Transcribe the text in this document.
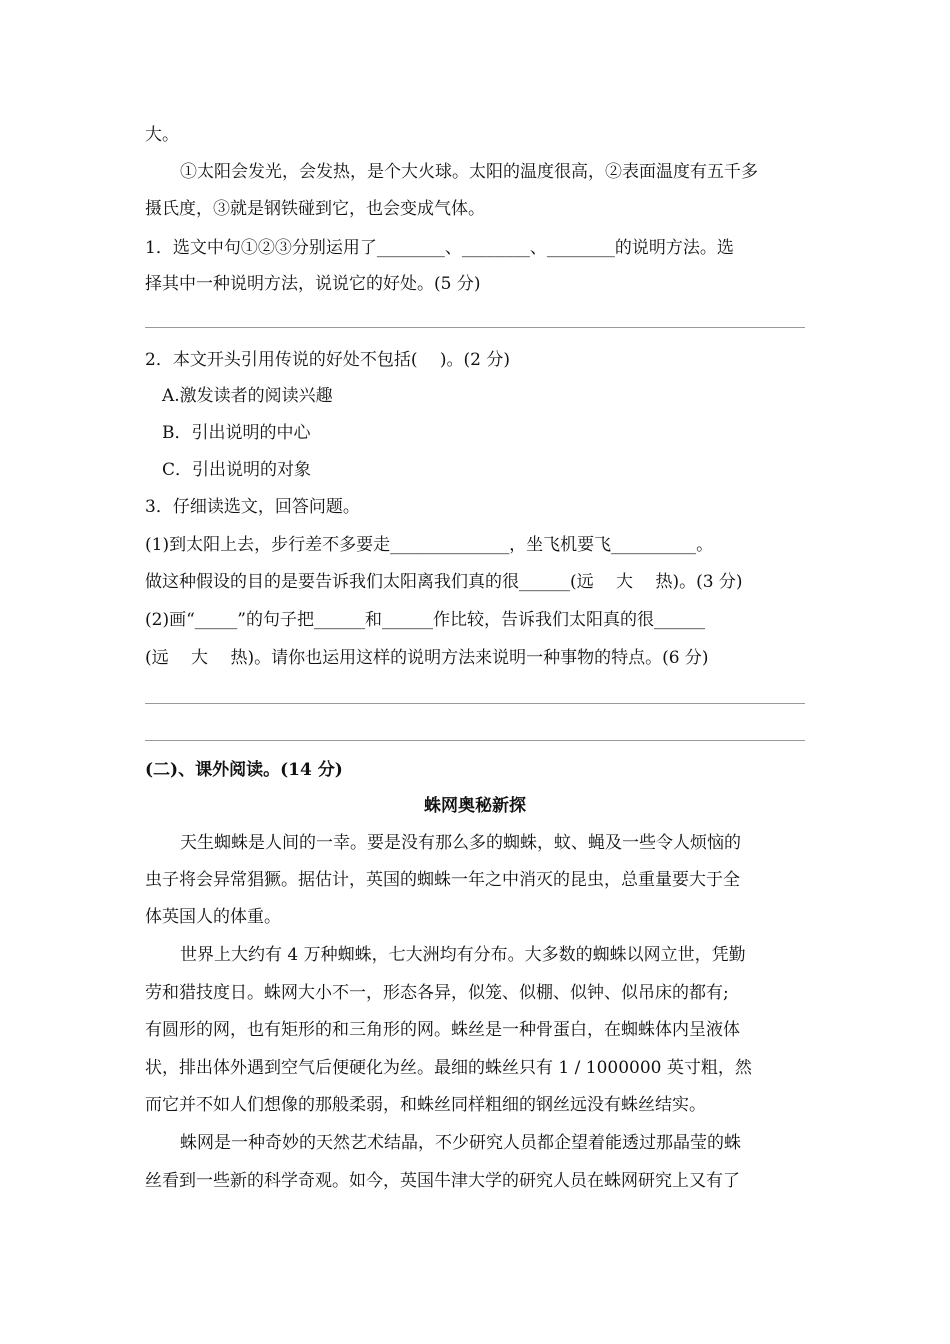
大。
①太阳会发光，会发热，是个大火球。太阳的温度很高，②表面温度有五千多
摄氏度，③就是钢铁碰到它，也会变成气体。
1．选文中句①②③分别运用了________、________、________的说明方法。选
择其中一种说明方法，说说它的好处。(5 分)
2．本文开头引用传说的好处不包括(　 )。(2 分)
A.激发读者的阅读兴趣
B．引出说明的中心
C．引出说明的对象
3．仔细读选文，回答问题。
(1)到太阳上去，步行差不多要走______________，坐飞机要飞__________。
做这种假设的目的是要告诉我们太阳离我们真的很______(远　 大　 热)。(3 分)
(2)画“_____”的句子把______和______作比较，告诉我们太阳真的很______
(远　 大　 热)。请你也运用这样的说明方法来说明一种事物的特点。(6 分)
(二)、课外阅读。(14 分)
蛛网奥秘新探
天生蜘蛛是人间的一幸。要是没有那么多的蜘蛛，蚊、蝇及一些令人烦恼的
虫子将会异常猖獗。据估计，英国的蜘蛛一年之中消灭的昆虫，总重量要大于全
体英国人的体重。
世界上大约有 4 万种蜘蛛，七大洲均有分布。大多数的蜘蛛以网立世，凭勤
劳和猎技度日。蛛网大小不一，形态各异，似笼、似棚、似钟、似吊床的都有;
有圆形的网，也有矩形的和三角形的网。蛛丝是一种骨蛋白，在蜘蛛体内呈液体
状，排出体外遇到空气后便硬化为丝。最细的蛛丝只有 1 / 1000000 英寸粗，然
而它并不如人们想像的那般柔弱，和蛛丝同样粗细的钢丝远没有蛛丝结实。
蛛网是一种奇妙的天然艺术结晶，不少研究人员都企望着能透过那晶莹的蛛
丝看到一些新的科学奇观。如今，英国牛津大学的研究人员在蛛网研究上又有了
